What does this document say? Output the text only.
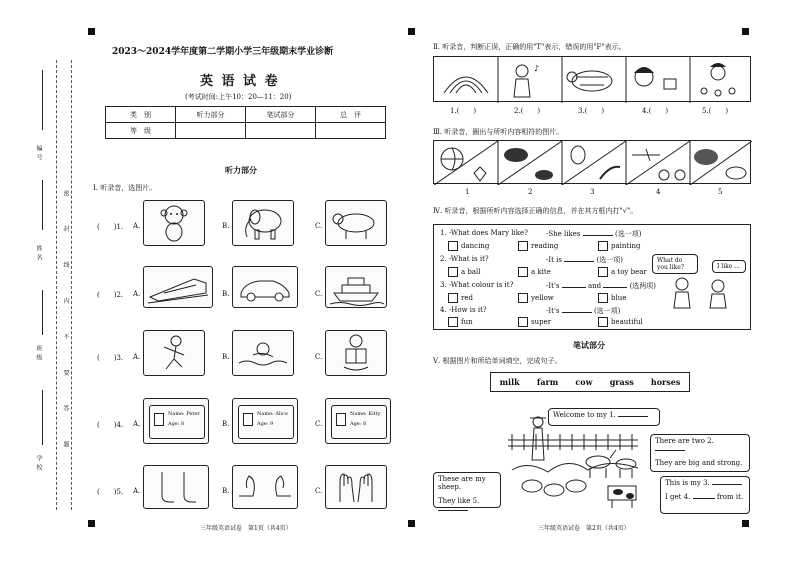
学校
班级
姓名
编号
密 封 线 内 不 要 答 题
2023～2024学年度第二学期小学三年级期末学业诊断
英 语 试 卷
(考试时间:上午10：20—11：20)
类　别	听力部分	笔试部分	总　评
等　级			
听力部分
Ⅰ. 听录音，选图片。
(　　)1. A.	B.	C.
(　　)2. A.	B.	C.
(　　)3. A.	B.	C.
(　　)4. A.
Name: Peter
Age: 8	B.
Name: Alice
Age: 9	C.
Name: Kitty
Age: 8
(　　)5. A.	B.	C.
三年级英语试卷　第1页（共4页）
Ⅱ. 听录音，判断正误，正确的用"T"表示，错误的用"F"表示。
♪
1.(　　)	2.(　　)	3.(　　)	4.(　　)	5.(　　)
Ⅲ. 听录音，圈出与所听内容相符的图片。
1	2	3	4	5
Ⅳ. 听录音，根据所听内容选择正确的信息，并在其方框内打"√"。
1. -What does Mary like?	-She likes	(选一项)
dancing	reading	painting
2. -What is it?	-It is	(选一项)
a ball	a kite	a toy bear
3. -What colour is it?	-It's	and	(选两项)
red	yellow	blue
4. -How is it?	-It's	(选一项)
fun	super	beautiful
What do you like?	I like ...
笔试部分
Ⅴ. 根据图片和所给单词填空，完成句子。
milk farm cow grass horses
Welcome to my 1.
There are two 2.
They are big and strong.
These are my sheep.
They like 5.
This is my 3.
I get 4.	from it.
三年级英语试卷　第2页（共4页）
